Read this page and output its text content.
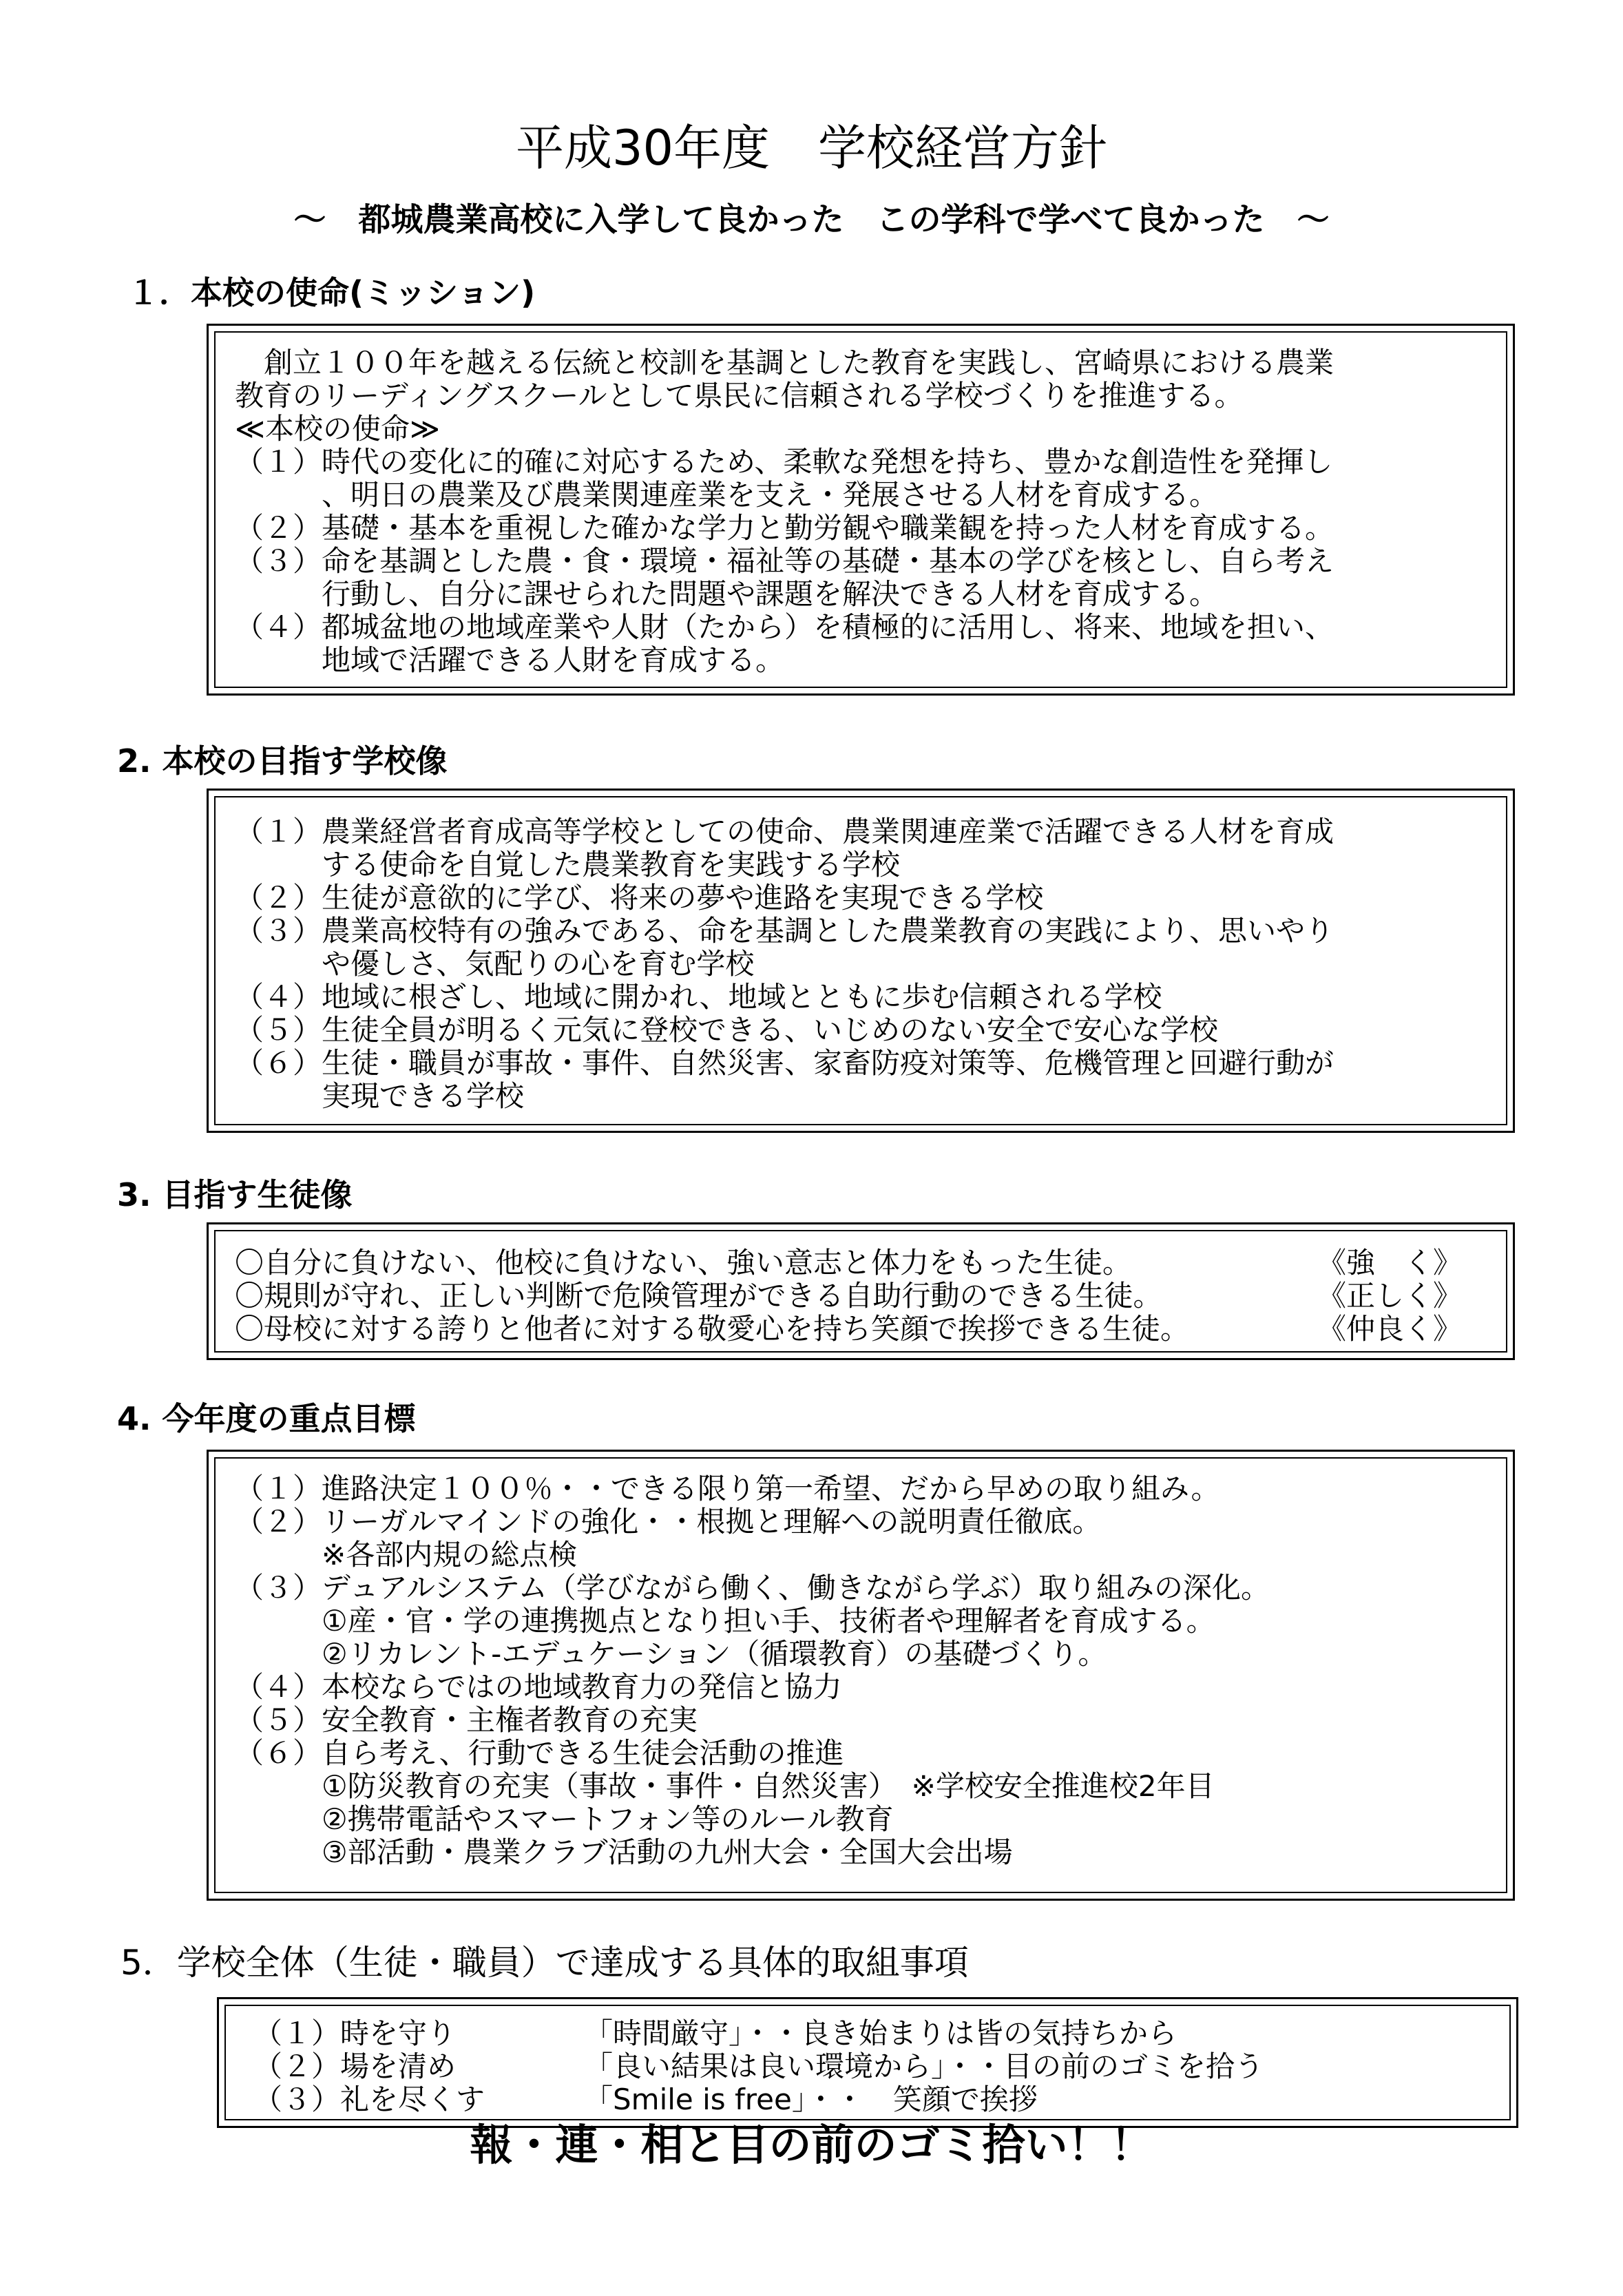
平成30年度　学校経営方針
～　都城農業高校に入学して良かった　この学科で学べて良かった　～
１．本校の使命(ミッション)
　創立１００年を越える伝統と校訓を基調とした教育を実践し、宮崎県における農業
教育のリーディングスクールとして県民に信頼される学校づくりを推進する。
≪本校の使命≫
（１）時代の変化に的確に対応するため、柔軟な発想を持ち、豊かな創造性を発揮し
　　　、明日の農業及び農業関連産業を支え・発展させる人材を育成する。
（２）基礎・基本を重視した確かな学力と勤労観や職業観を持った人材を育成する。
（３）命を基調とした農・食・環境・福祉等の基礎・基本の学びを核とし、自ら考え
　　　行動し、自分に課せられた問題や課題を解決できる人材を育成する。
（４）都城盆地の地域産業や人財（たから）を積極的に活用し、将来、地域を担い、
　　　地域で活躍できる人財を育成する。
2. 本校の目指す学校像
（１）農業経営者育成高等学校としての使命、農業関連産業で活躍できる人材を育成
　　　する使命を自覚した農業教育を実践する学校
（２）生徒が意欲的に学び、将来の夢や進路を実現できる学校
（３）農業高校特有の強みである、命を基調とした農業教育の実践により、思いやり
　　　や優しさ、気配りの心を育む学校
（４）地域に根ざし、地域に開かれ、地域とともに歩む信頼される学校
（５）生徒全員が明るく元気に登校できる、いじめのない安全で安心な学校
（６）生徒・職員が事故・事件、自然災害、家畜防疫対策等、危機管理と回避行動が
　　　実現できる学校
3. 目指す生徒像
〇自分に負けない、他校に負けない、強い意志と体力をもった生徒。	《強　く》
〇規則が守れ、正しい判断で危険管理ができる自助行動のできる生徒。	《正しく》
〇母校に対する誇りと他者に対する敬愛心を持ち笑顔で挨拶できる生徒。	《仲良く》
4. 今年度の重点目標
（１）進路決定１００％・・できる限り第一希望、だから早めの取り組み。
（２）リーガルマインドの強化・・根拠と理解への説明責任徹底。
　　　※各部内規の総点検
（３）デュアルシステム（学びながら働く、働きながら学ぶ）取り組みの深化。
　　　①産・官・学の連携拠点となり担い手、技術者や理解者を育成する。
　　　②リカレント-エデュケーション（循環教育）の基礎づくり。
（４）本校ならではの地域教育力の発信と協力
（５）安全教育・主権者教育の充実
（６）自ら考え、行動できる生徒会活動の推進
　　　①防災教育の充実（事故・事件・自然災害）　※学校安全推進校2年目
　　　②携帯電話やスマートフォン等のルール教育
　　　③部活動・農業クラブ活動の九州大会・全国大会出場
5．学校全体（生徒・職員）で達成する具体的取組事項
（１）時を守り	「時間厳守」・・良き始まりは皆の気持ちから
（２）場を清め	「良い結果は良い環境から」・・目の前のゴミを拾う
（３）礼を尽くす	「Smile is free」・・　笑顔で挨拶
報・連・相と目の前のゴミ拾い！！
